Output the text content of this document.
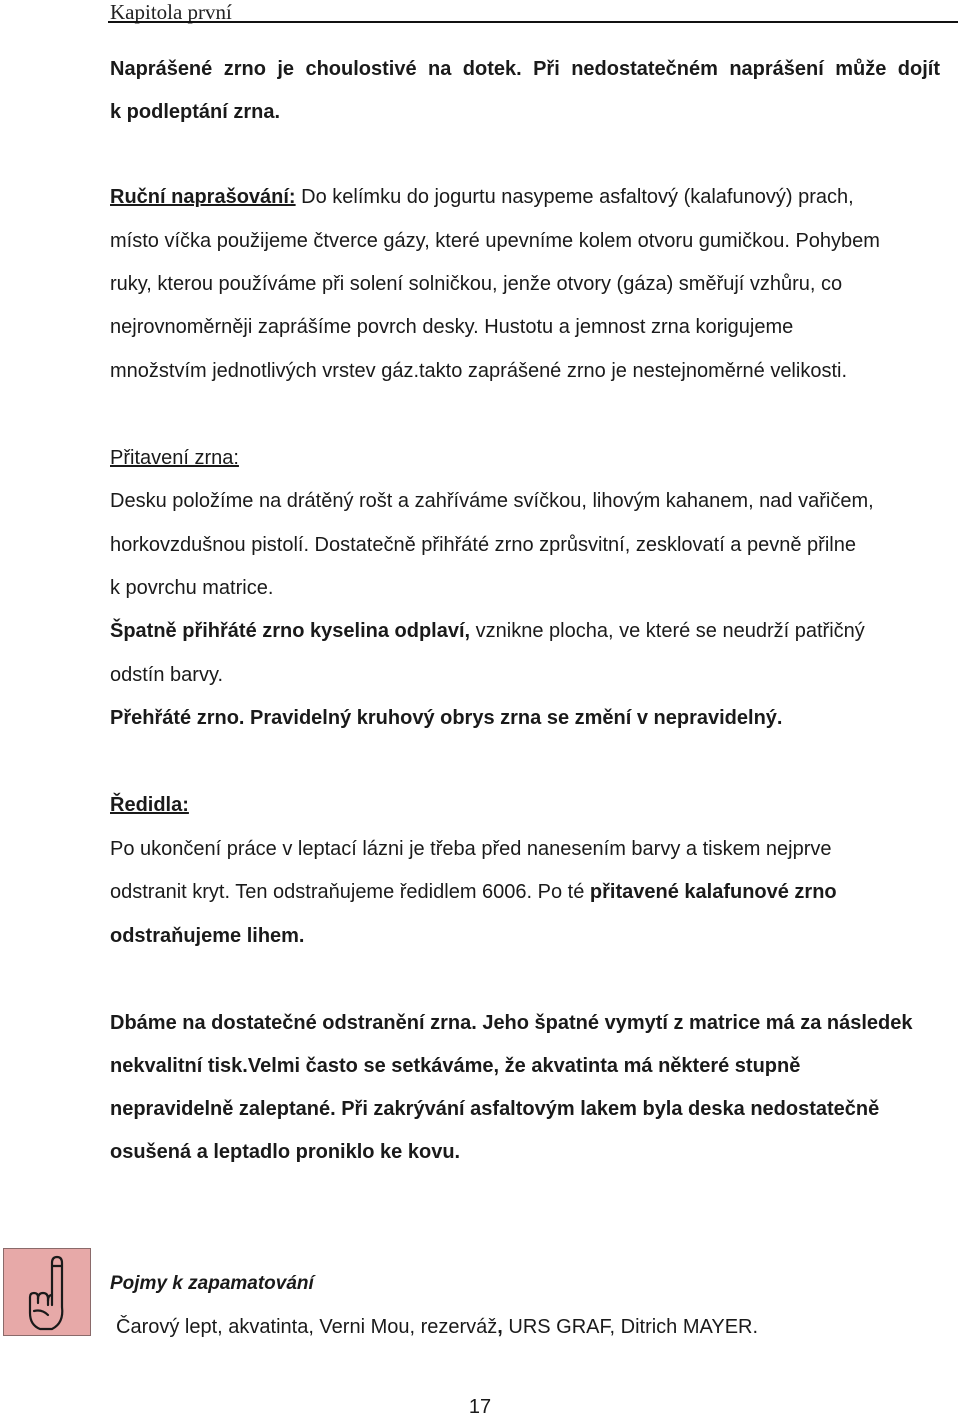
Kapitola první

Naprášené zrno je choulostivé na dotek. Při nedostatečném naprášení může dojít

k podleptání zrna.

Ruční naprašování: Do kelímku do jogurtu nasypeme asfaltový (kalafunový) prach,

místo víčka použijeme čtverce gázy, které upevníme kolem otvoru gumičkou. Pohybem

ruky, kterou používáme při solení solničkou, jenže otvory (gáza) směřují vzhůru, co

nejrovnoměrněji zaprášíme povrch desky. Hustotu a jemnost zrna korigujeme

množstvím jednotlivých vrstev gáz.takto zaprášené zrno je nestejnoměrné velikosti.

Přitavení zrna:

Desku položíme na drátěný rošt a zahříváme svíčkou, lihovým kahanem, nad vařičem,

horkovzdušnou pistolí. Dostatečně přihřáté zrno zprůsvitní, zesklovatí a pevně přilne

k povrchu matrice.

Špatně přihřáté zrno kyselina odplaví, vznikne plocha, ve které se neudrží patřičný

odstín barvy.

Přehřáté zrno. Pravidelný kruhový obrys zrna se změní v nepravidelný.

Ředidla:

Po ukončení práce v leptací lázni je třeba před nanesením barvy a tiskem nejprve

odstranit kryt. Ten odstraňujeme ředidlem 6006. Po té přitavené kalafunové zrno

odstraňujeme lihem.

Dbáme na dostatečné odstranění zrna. Jeho špatné vymytí z matrice má za následek

nekvalitní tisk.Velmi často se setkáváme, že akvatinta má některé stupně

nepravidelně zaleptané. Při zakrývání asfaltovým lakem byla deska nedostatečně

osušená a leptadlo proniklo ke kovu.

Pojmy k zapamatování

Čarový lept, akvatinta, Verni Mou, rezerváž, URS GRAF, Ditrich MAYER.

17
